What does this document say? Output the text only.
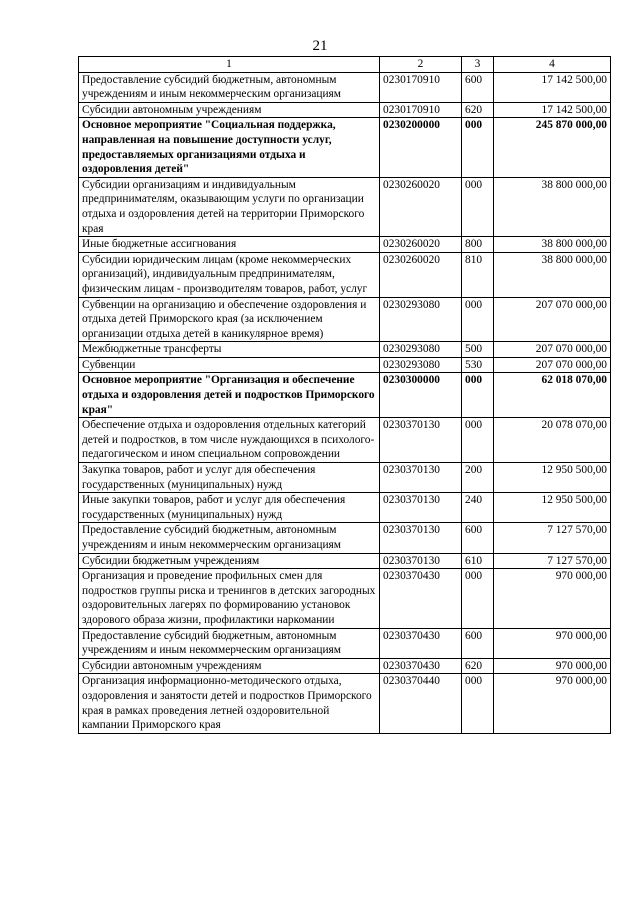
21
1	2	3	4
Предоставление субсидий бюджетным, автономным учреждениям и иным некоммерческим организациям	0230170910	600	17 142 500,00
Субсидии автономным учреждениям	0230170910	620	17 142 500,00
Основное мероприятие "Социальная поддержка, направленная на повышение доступности услуг, предоставляемых организациями отдыха и оздоровления детей"	0230200000	000	245 870 000,00
Субсидии организациям и индивидуальным предпринимателям, оказывающим услуги по организации отдыха и оздоровления детей на территории Приморского края	0230260020	000	38 800 000,00
Иные бюджетные ассигнования	0230260020	800	38 800 000,00
Субсидии юридическим лицам (кроме некоммерческих организаций), индивидуальным предпринимателям, физическим лицам - производителям товаров, работ, услуг	0230260020	810	38 800 000,00
Субвенции на организацию и обеспечение оздоровления и отдыха детей Приморского края (за исключением организации отдыха детей в каникулярное время)	0230293080	000	207 070 000,00
Межбюджетные трансферты	0230293080	500	207 070 000,00
Субвенции	0230293080	530	207 070 000,00
Основное мероприятие "Организация и обеспечение отдыха и оздоровления детей и подростков Приморского края"	0230300000	000	62 018 070,00
Обеспечение отдыха и оздоровления отдельных категорий детей и подростков, в том числе нуждающихся в психолого-педагогическом и ином специальном сопровождении	0230370130	000	20 078 070,00
Закупка товаров, работ и услуг для обеспечения государственных (муниципальных) нужд	0230370130	200	12 950 500,00
Иные закупки товаров, работ и услуг для обеспечения государственных (муниципальных) нужд	0230370130	240	12 950 500,00
Предоставление субсидий бюджетным, автономным учреждениям и иным некоммерческим организациям	0230370130	600	7 127 570,00
Субсидии бюджетным учреждениям	0230370130	610	7 127 570,00
Организация и проведение профильных смен для подростков группы риска и тренингов в детских загородных оздоровительных лагерях по формированию установок здорового образа жизни, профилактики наркомании	0230370430	000	970 000,00
Предоставление субсидий бюджетным, автономным учреждениям и иным некоммерческим организациям	0230370430	600	970 000,00
Субсидии автономным учреждениям	0230370430	620	970 000,00
Организация информационно-методического отдыха, оздоровления и занятости детей и подростков Приморского края в рамках проведения летней оздоровительной кампании Приморского края	0230370440	000	970 000,00
